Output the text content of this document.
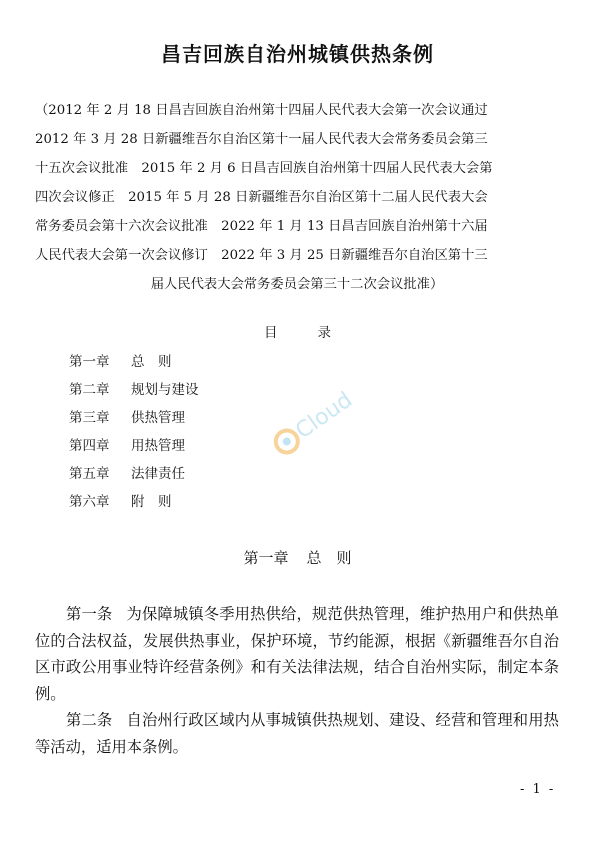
昌吉回族自治州城镇供热条例
（2012 年 2 月 18 日昌吉回族自治州第十四届人民代表大会第一次会议通过
2012 年 3 月 28 日新疆维吾尔自治区第十一届人民代表大会常务委员会第三
十五次会议批准　2015 年 2 月 6 日昌吉回族自治州第十四届人民代表大会第
四次会议修正　2015 年 5 月 28 日新疆维吾尔自治区第十二届人民代表大会
常务委员会第十六次会议批准　2022 年 1 月 13 日昌吉回族自治州第十六届
人民代表大会第一次会议修订　2022 年 3 月 25 日新疆维吾尔自治区第十三
届人民代表大会常务委员会第三十二次会议批准）
目	录
第一章 总　则
第二章 规划与建设
第三章 供热管理
第四章 用热管理
第五章 法律责任
第六章 附　则
Cloud
第一章 总　则

第一条 为保障城镇冬季用热供给，规范供热管理，维护热用户和供热单位的合法权益，发展供热事业，保护环境，节约能源，根据《新疆维吾尔自治区市政公用事业特许经营条例》和有关法律法规，结合自治州实际，制定本条例。

第二条 自治州行政区域内从事城镇供热规划、建设、经营和管理和用热等活动，适用本条例。

- 1 -
